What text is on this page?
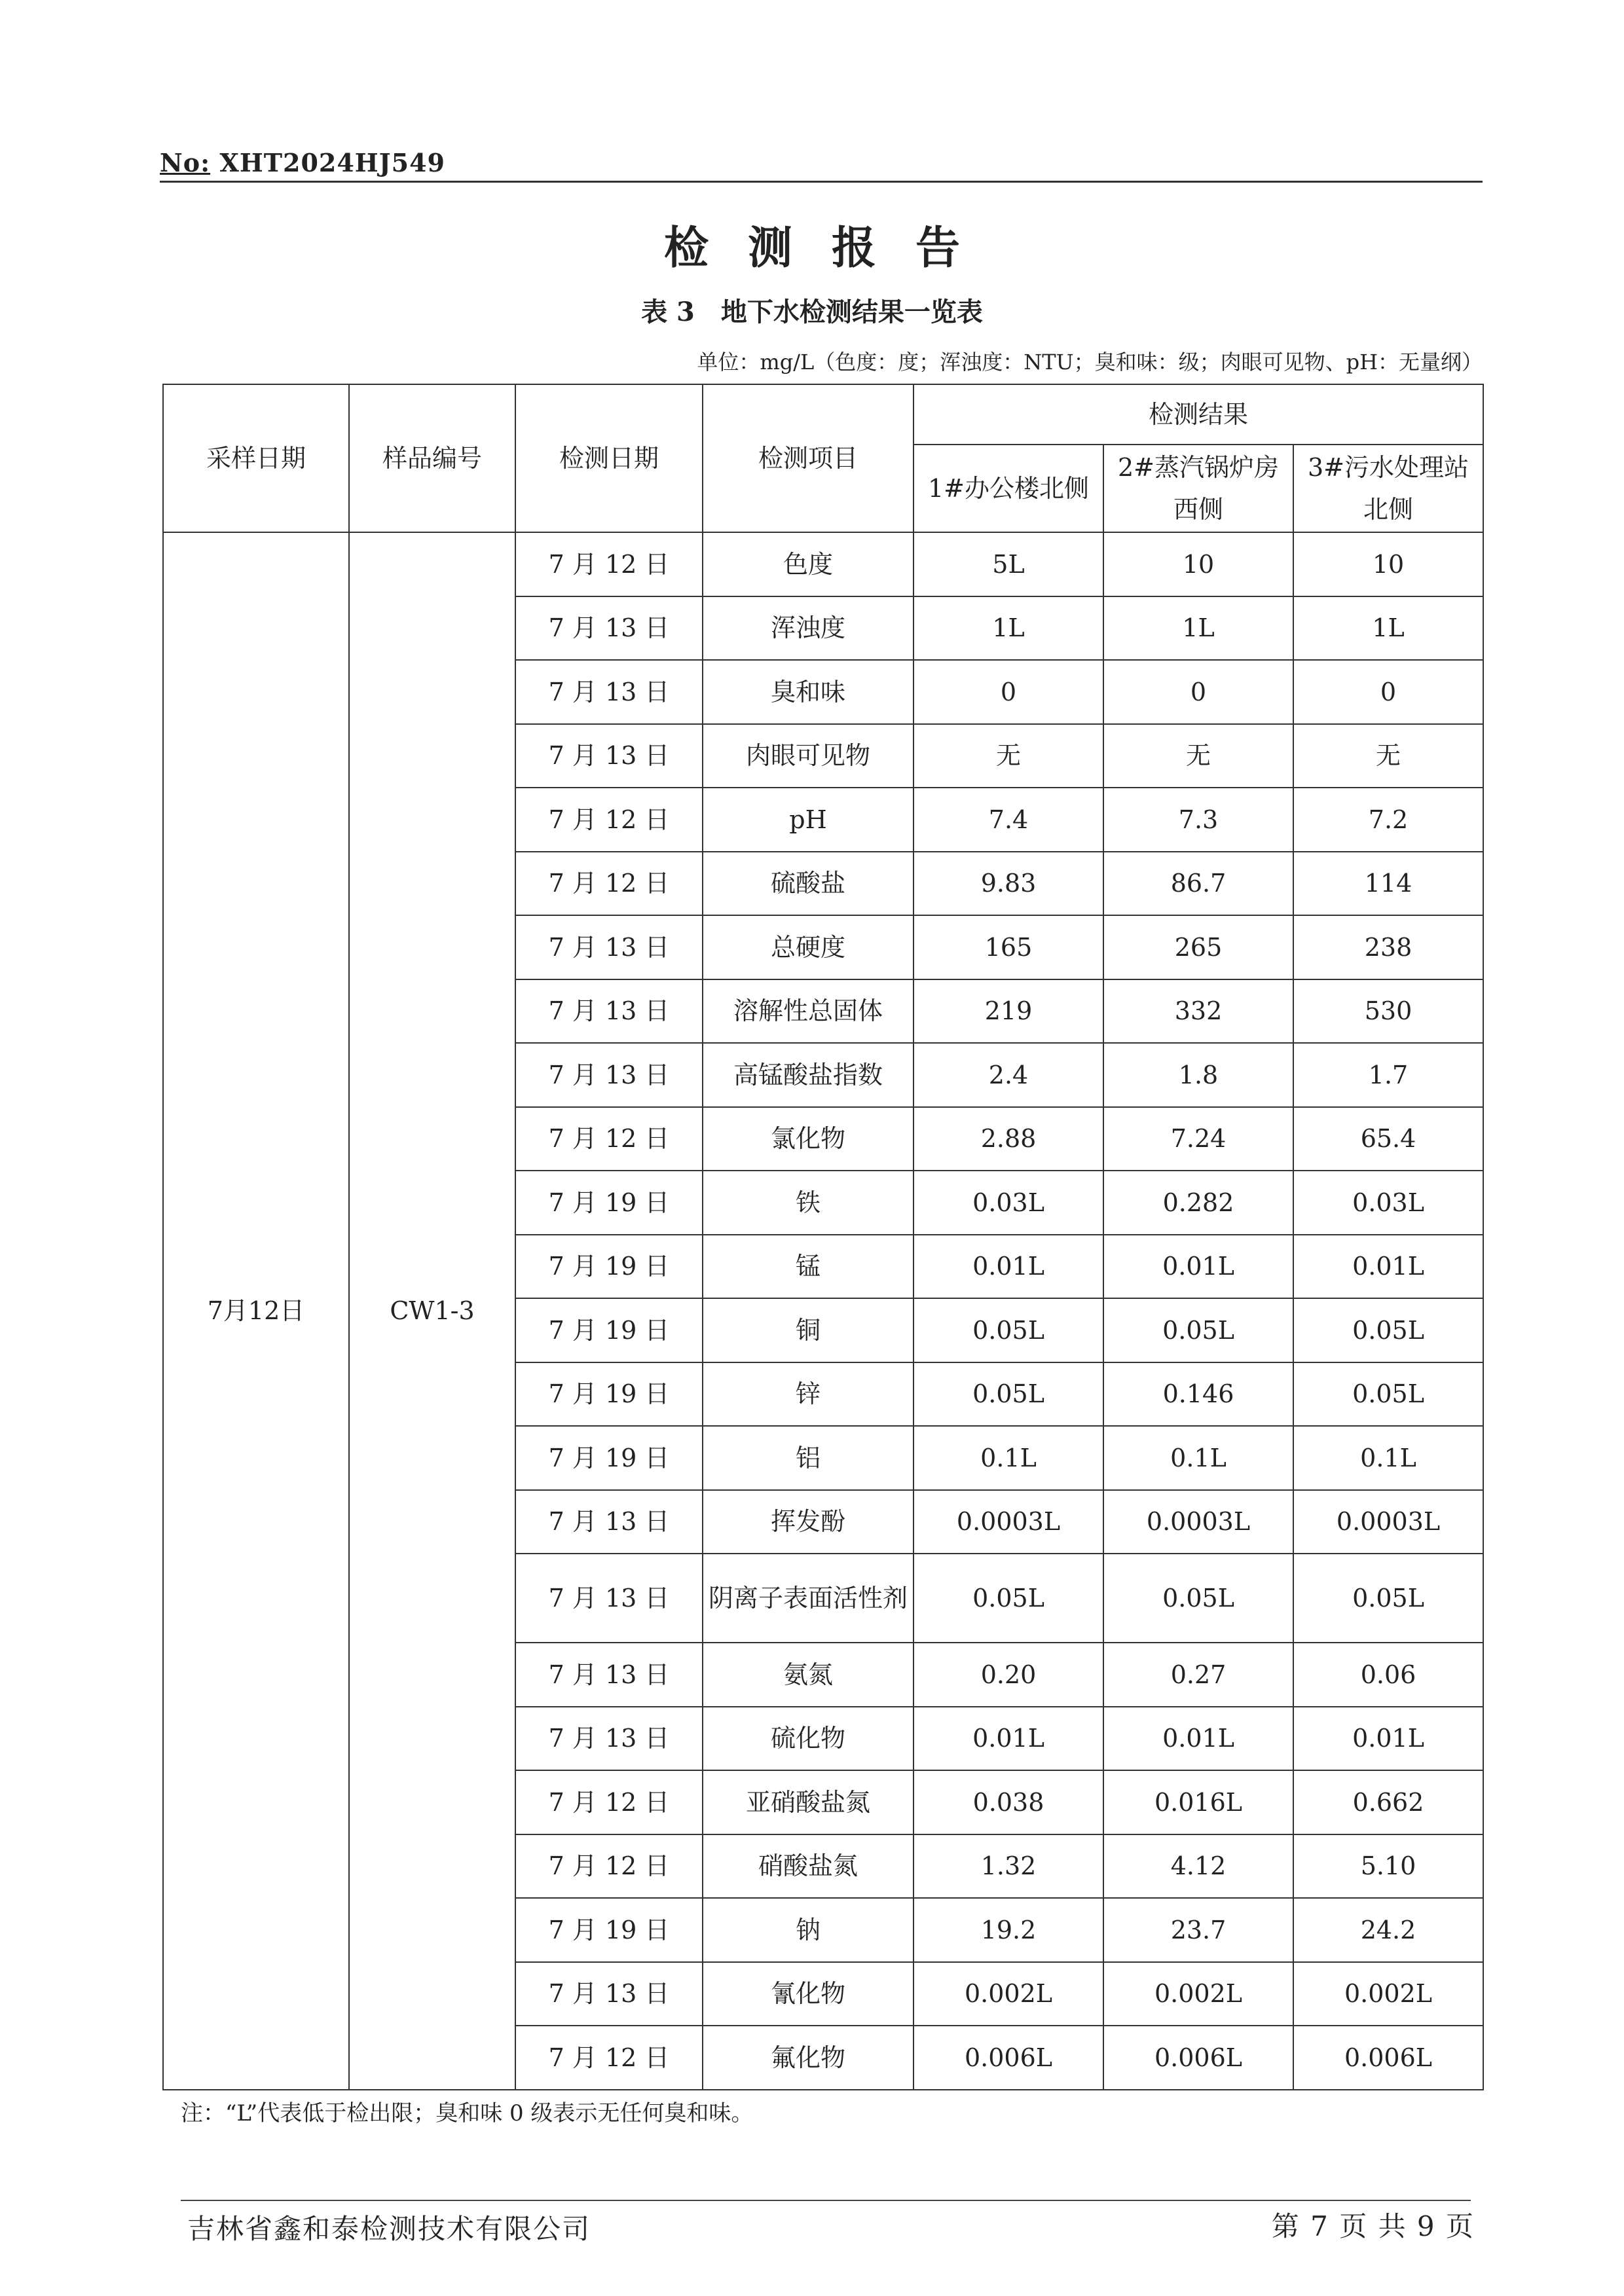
No: XHT2024HJ549
检测报告
表 3　地下水检测结果一览表
单位：mg/L（色度：度；浑浊度：NTU；臭和味：级；肉眼可见物、pH：无量纲）
采样日期	样品编号	检测日期	检测项目	检测结果		
				1#办公楼北侧	2#蒸汽锅炉房西侧	3#污水处理站北侧
7月12日	CW1-3	7 月 12 日	色度	5L	10	10
		7 月 13 日	浑浊度	1L	1L	1L
		7 月 13 日	臭和味	0	0	0
		7 月 13 日	肉眼可见物	无	无	无
		7 月 12 日	pH	7.4	7.3	7.2
		7 月 12 日	硫酸盐	9.83	86.7	114
		7 月 13 日	总硬度	165	265	238
		7 月 13 日	溶解性总固体	219	332	530
		7 月 13 日	高锰酸盐指数	2.4	1.8	1.7
		7 月 12 日	氯化物	2.88	7.24	65.4
		7 月 19 日	铁	0.03L	0.282	0.03L
		7 月 19 日	锰	0.01L	0.01L	0.01L
		7 月 19 日	铜	0.05L	0.05L	0.05L
		7 月 19 日	锌	0.05L	0.146	0.05L
		7 月 19 日	铝	0.1L	0.1L	0.1L
		7 月 13 日	挥发酚	0.0003L	0.0003L	0.0003L
		7 月 13 日	阴离子表面活性剂	0.05L	0.05L	0.05L
		7 月 13 日	氨氮	0.20	0.27	0.06
		7 月 13 日	硫化物	0.01L	0.01L	0.01L
		7 月 12 日	亚硝酸盐氮	0.038	0.016L	0.662
		7 月 12 日	硝酸盐氮	1.32	4.12	5.10
		7 月 19 日	钠	19.2	23.7	24.2
		7 月 13 日	氰化物	0.002L	0.002L	0.002L
		7 月 12 日	氟化物	0.006L	0.006L	0.006L
注：“L”代表低于检出限；臭和味 0 级表示无任何臭和味。
吉林省鑫和泰检测技术有限公司	第 7 页 共 9 页
